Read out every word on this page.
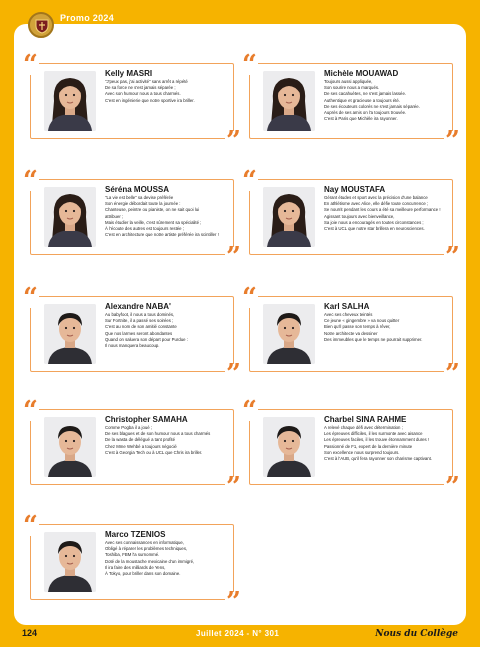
Promo 2024
“
”
Kelly MASRI
"J'peux pas, j'ai activité" sans arrêt a répété
De sa force ne s'est jamais séparée ;
Avec son humour nous a tous charmés.
C'est en ingénierie que notre sportive ira briller.
“
”
Michèle MOUAWAD
Toujours aussi appliquée,
Son sourire nous a marqués.
De ses cacahuètes, ne s'est jamais lassée.
Authentique et gracieuse a toujours été.
De ses écouteurs colorés ne s'est jamais séparée.
Auprès de ses amis on l'a toujours trouvée.
C'est à Paris que Michèle ira rayonner.
“
”
Séréna MOUSSA
"La vie est belle" sa devise préférée
Son énergie débordait toute la journée :
Chanteuse, peintre ou pianiste, on ne sait quoi lui
attribuer ;
Mais étudier la veille, c'est sûrement sa spécialité ;
À l'écoute des autres est toujours restée ;
C'est en architecture que notre artiste préférée ira scintiller !
“
”
Nay MOUSTAFA
Gérant études et sport avec la précision d'une balance
En athlétisme avec Alice, elle défie toute concurrence ;
Se nourrit pendant les cours a été sa meilleure performance !
Agissant toujours avec bienveillance,
Sa joie nous a encouragés en toutes circonstances ;
C'est à UCL que notre star brillera en neurosciences.
“
”
Alexandre NABA'
Au babyfoot, il nous a tous dominés,
Sur Fortnite, il a passé ses soirées ;
C'est au nom de son amitié constante
Que nos larmes seront abondantes
Quand on saluera son départ pour Purdue :
Il nous manquera beaucoup.
“
”
Karl SALHA
Avec ses cheveux teintés
Ce jeune « gingembre » va nous quitter
Bien qu'il passe son temps à rêver,
Notre architecte va dessiner
Des immeubles que le temps ne pourrait supprimer.
“
”
Christopher SAMAHA
Comme Pogba il a joué ;
De ses blagues et de son humour nous a tous charmés
De la wasta de délégué a tant profité
Chez Mme Wehbé a toujours négocié
C'est à Georgia Tech ou à UCL que Chris ira briller.
“
”
Charbel SINA RAHME
A relevé chaque défi avec détermination ;
Les épreuves difficiles, il les surmonte avec aisance
Les épreuves faciles, il les trouve étonnamment dures !
Passionné de F1, expert de la dernière minute
Son excellence nous surprend toujours.
C'est à l'AUB, qu'il fera rayonner son charisme captivant.
“
”
Marco TZENIOS
Avec ses connaissances en informatique,
Obligé à réparer les problèmes techniques,
Toshiba, FBM l'a surnommé.
Doté de la moustache mexicaine d'un immigré,
Il ira faire des milliards de Yens,
À Tokyo, pour briller dans son domaine.
124	Juillet 2024 - N° 301	Nous du Collège
